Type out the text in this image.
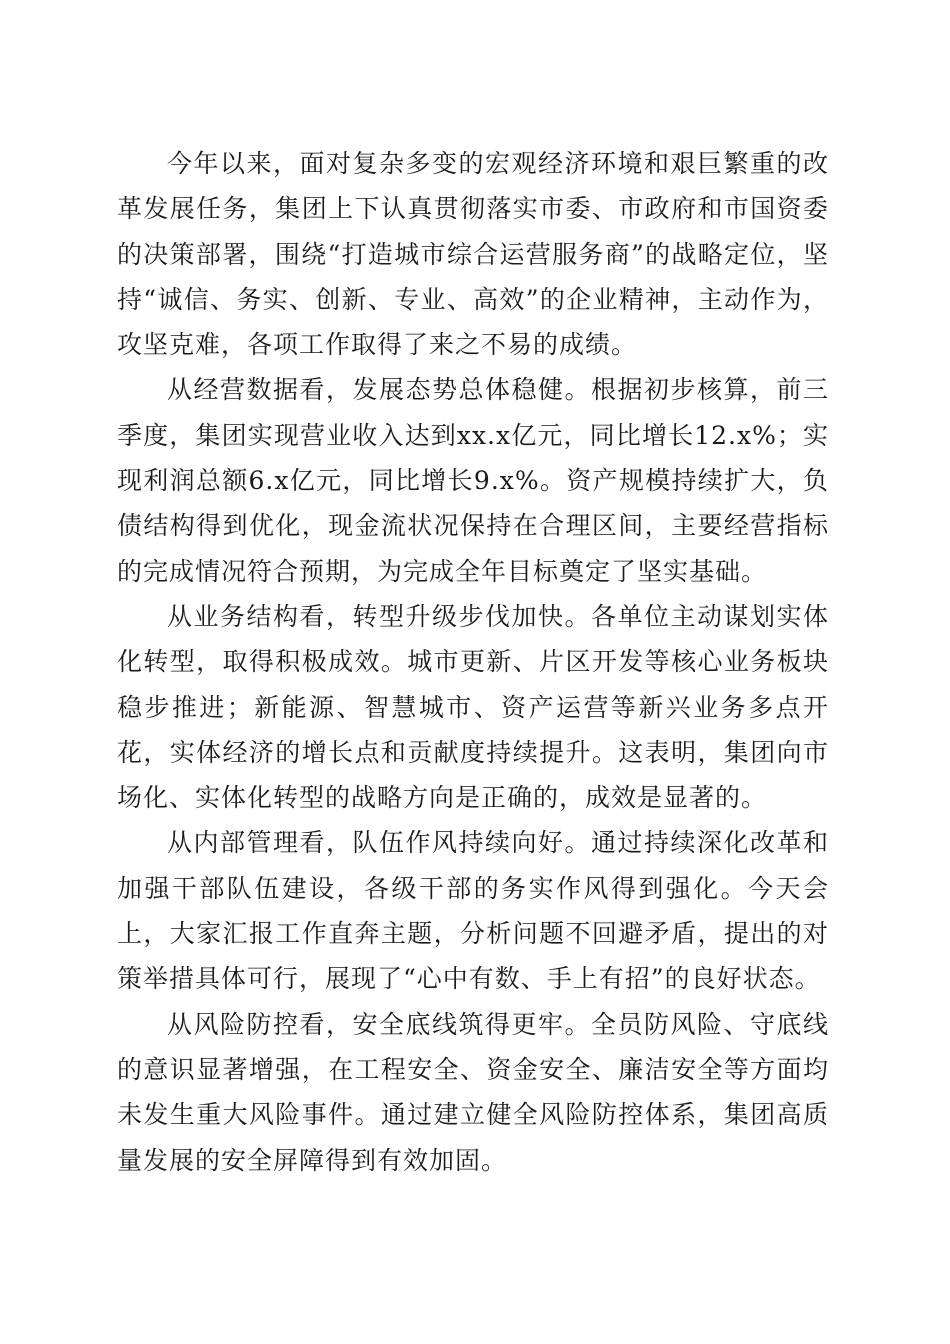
今年以来，面对复杂多变的宏观经济环境和艰巨繁重的改革发展任务，集团上下认真贯彻落实市委、市政府和市国资委的决策部署，围绕“打造城市综合运营服务商”的战略定位，坚持“诚信、务实、创新、专业、高效”的企业精神，主动作为，攻坚克难，各项工作取得了来之不易的成绩。

从经营数据看，发展态势总体稳健。根据初步核算，前三季度，集团实现营业收入达到xx.x亿元，同比增长12.x%；实现利润总额6.x亿元，同比增长9.x%。资产规模持续扩大，负债结构得到优化，现金流状况保持在合理区间，主要经营指标的完成情况符合预期，为完成全年目标奠定了坚实基础。

从业务结构看，转型升级步伐加快。各单位主动谋划实体化转型，取得积极成效。城市更新、片区开发等核心业务板块稳步推进；新能源、智慧城市、资产运营等新兴业务多点开花，实体经济的增长点和贡献度持续提升。这表明，集团向市场化、实体化转型的战略方向是正确的，成效是显著的。

从内部管理看，队伍作风持续向好。通过持续深化改革和加强干部队伍建设，各级干部的务实作风得到强化。今天会上，大家汇报工作直奔主题，分析问题不回避矛盾，提出的对策举措具体可行，展现了“心中有数、手上有招”的良好状态。

从风险防控看，安全底线筑得更牢。全员防风险、守底线的意识显著增强，在工程安全、资金安全、廉洁安全等方面均未发生重大风险事件。通过建立健全风险防控体系，集团高质量发展的安全屏障得到有效加固。
